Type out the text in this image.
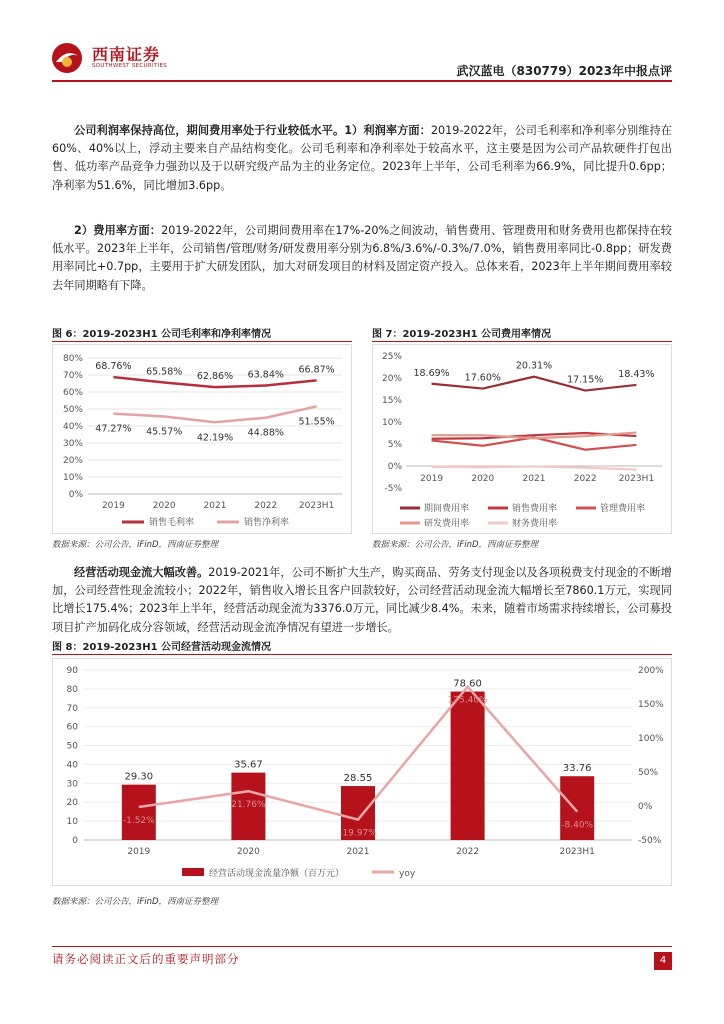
西南证券
SOUTHWEST SECURITIES	武汉蓝电（830779）2023年中报点评

公司利润率保持高位，期间费用率处于行业较低水平。1）利润率方面：2019-2022年，公司毛利率和净利率分别维持在60%、40%以上，浮动主要来自产品结构变化。公司毛利率和净利率处于较高水平，这主要是因为公司产品软硬件打包出售、低功率产品竞争力强劲以及于以研究级产品为主的业务定位。2023年上半年，公司毛利率为66.9%，同比提升0.6pp；净利率为51.6%，同比增加3.6pp。

2）费用率方面：2019-2022年，公司期间费用率在17%-20%之间波动，销售费用、管理费用和财务费用也都保持在较低水平。2023年上半年，公司销售/管理/财务/研发费用率分别为6.8%/3.6%/-0.3%/7.0%，销售费用率同比-0.8pp；研发费用率同比+0.7pp，主要用于扩大研发团队，加大对研发项目的材料及固定资产投入。总体来看，2023年上半年期间费用率较去年同期略有下降。

图 6：2019-2023H1 公司毛利率和净利率情况
0%
10%
20%
30%
40%
50%
60%
70%
80%
2019	2020	2021	2022 2023H1
68.76% 65.58% 62.86% 63.84% 66.87%
销售毛利率
47.27% 45.57%
42.19% 44.88%
51.55%
销售净利率
数据来源：公司公告，iFinD，西南证券整理
图 7：2019-2023H1 公司费用率情况
-5%
0%
5%
10%
15%
20%
25%
2019	2020	2021	2022 2023H1
18.69% 17.60%
20.31%
17.15%
18.43%
期间费用率	销售费用率	管理费用率
研发费用率	财务费用率
数据来源：公司公告，iFinD，西南证券整理

经营活动现金流大幅改善。2019-2021年，公司不断扩大生产，购买商品、劳务支付现金以及各项税费支付现金的不断增加，公司经营性现金流较小；2022年，销售收入增长且客户回款较好，公司经营活动现金流大幅增长至7860.1万元，实现同比增长175.4%；2023年上半年，经营活动现金流为3376.0万元，同比减少8.4%。未来，随着市场需求持续增长，公司募投项目扩产加码化成分容领域，经营活动现金流净情况有望进一步增长。

图 8：2019-2023H1 公司经营活动现金流情况
0
10
20
30
40
50
60
70
80
90
-50%
0%
50%
100%
150%
200%
2019	2020	2021	2022	2023H1
29.30
35.67
28.55
78.60
33.76
-1.52%
21.76%
-19.97%
175.40%
-8.40%
经营活动现金流量净额（百万元）	yoy
数据来源：公司公告，iFinD，西南证券整理
请务必阅读正文后的重要声明部分	4
